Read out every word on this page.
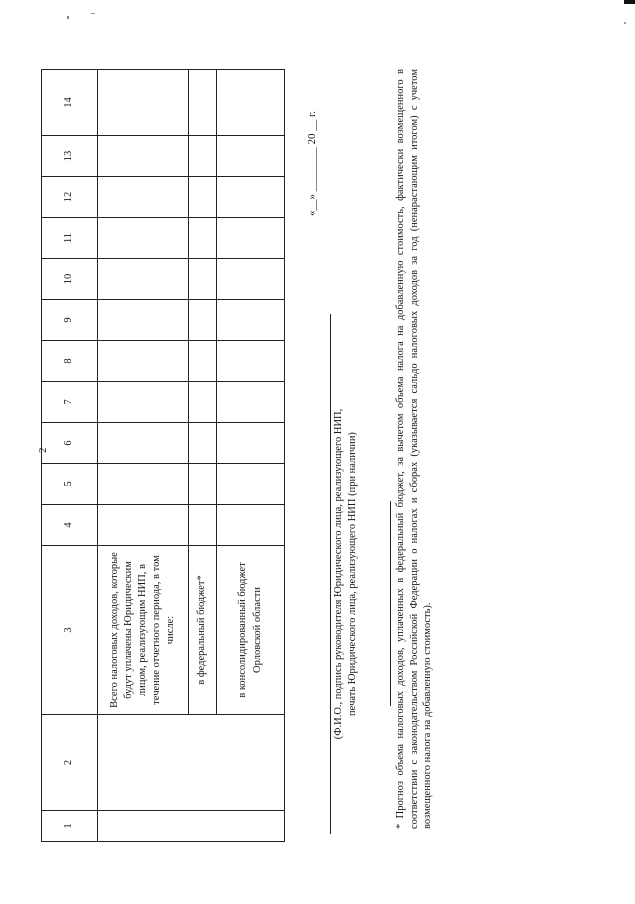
2
1	2	3	4	5	6	7	8	9	10	11	12	13	14
		Всего налоговых доходов, которые будут уплачены Юридическим лицом, реализующим НИП, в течение отчетного периода, в том числе:											
		в федеральный бюджет*											
		в консолидированный бюджет Орловской области												(Ф.И.О., подпись руководителя Юридического лица, реализующего НИП, печать Юридического лица, реализующего НИП (при наличии)
«__» ________ 20 __ г.	* Прогноз объема налоговых доходов, уплаченных в федеральный бюджет, за вычетом объема налога на добавленную стоимость, фактически возмещенного в соответствии с законодательством Российской Федерации о налогах и сборах (указывается сальдо налоговых доходов за год (ненарастающим итогом) с учетом возмещенного налога на добавленную стоимость).
